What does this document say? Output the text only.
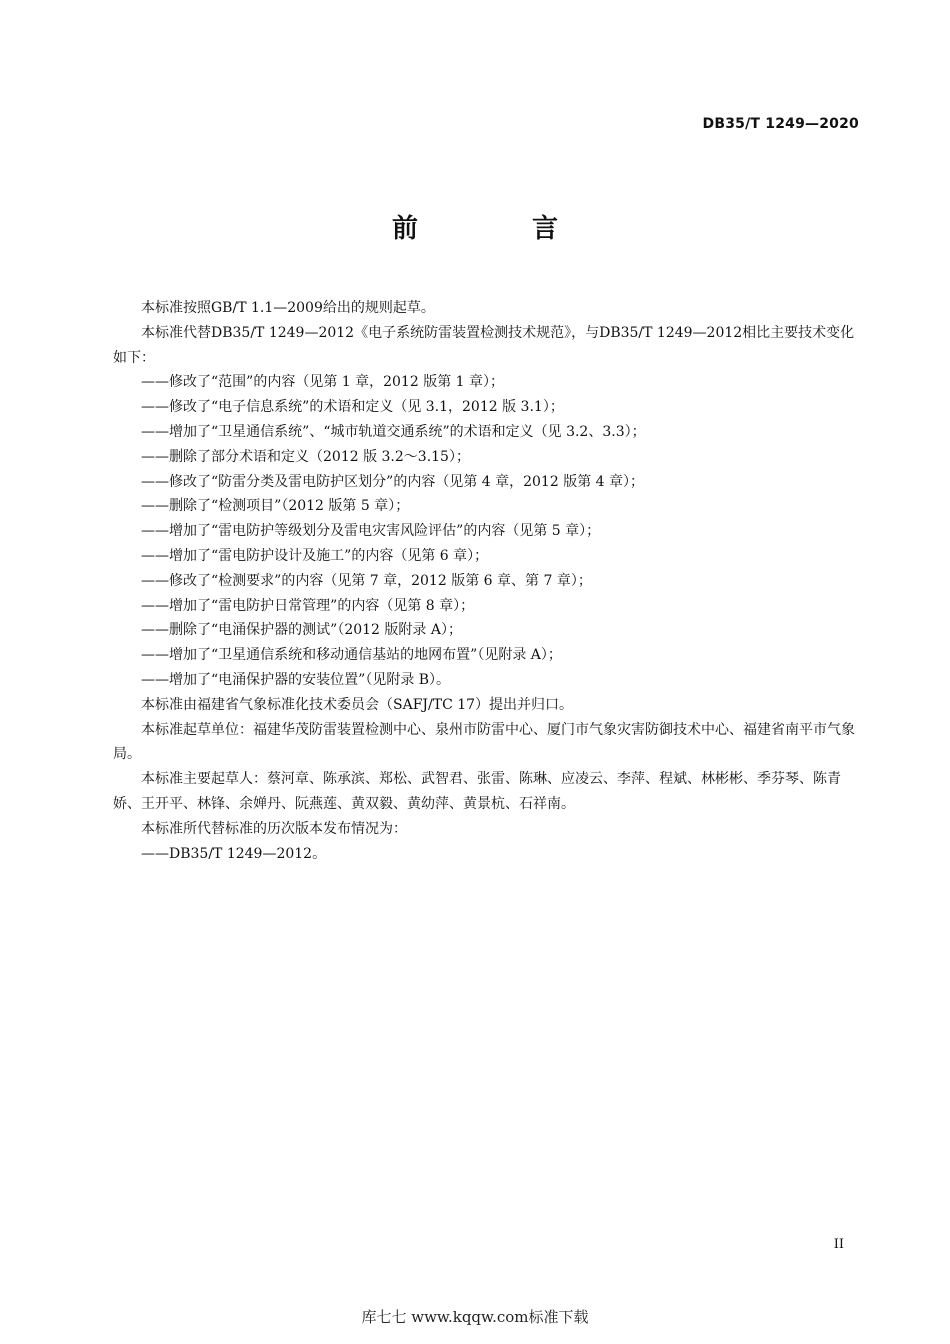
DB35/T 1249—2020
前　言

本标准按照GB/T 1.1—2009给出的规则起草。

本标准代替DB35/T 1249—2012《电子系统防雷装置检测技术规范》，与DB35/T 1249—2012相比主要技术变化如下：

——修改了“范围”的内容（见第 1 章，2012 版第 1 章）；

——修改了“电子信息系统”的术语和定义（见 3.1，2012 版 3.1）；

——增加了“卫星通信系统”、“城市轨道交通系统”的术语和定义（见 3.2、3.3）；

——删除了部分术语和定义（2012 版 3.2～3.15）；

——修改了“防雷分类及雷电防护区划分”的内容（见第 4 章，2012 版第 4 章）；

——删除了“检测项目”（2012 版第 5 章）；

——增加了“雷电防护等级划分及雷电灾害风险评估”的内容（见第 5 章）；

——增加了“雷电防护设计及施工”的内容（见第 6 章）；

——修改了“检测要求”的内容（见第 7 章，2012 版第 6 章、第 7 章）；

——增加了“雷电防护日常管理”的内容（见第 8 章）；

——删除了“电涌保护器的测试”（2012 版附录 A）；

——增加了“卫星通信系统和移动通信基站的地网布置”（见附录 A）；

——增加了“电涌保护器的安装位置”（见附录 B）。

本标准由福建省气象标准化技术委员会（SAFJ/TC 17）提出并归口。

本标准起草单位：福建华茂防雷装置检测中心、泉州市防雷中心、厦门市气象灾害防御技术中心、福建省南平市气象局。

本标准主要起草人：蔡河章、陈承滨、郑松、武智君、张雷、陈琳、应凌云、李萍、程斌、林彬彬、季芬琴、陈青娇、王开平、林锋、余婵丹、阮燕莲、黄双毅、黄幼萍、黄景杭、石祥南。

本标准所代替标准的历次版本发布情况为：

——DB35/T 1249—2012。

II
库七七 www.kqqw.com标准下载
